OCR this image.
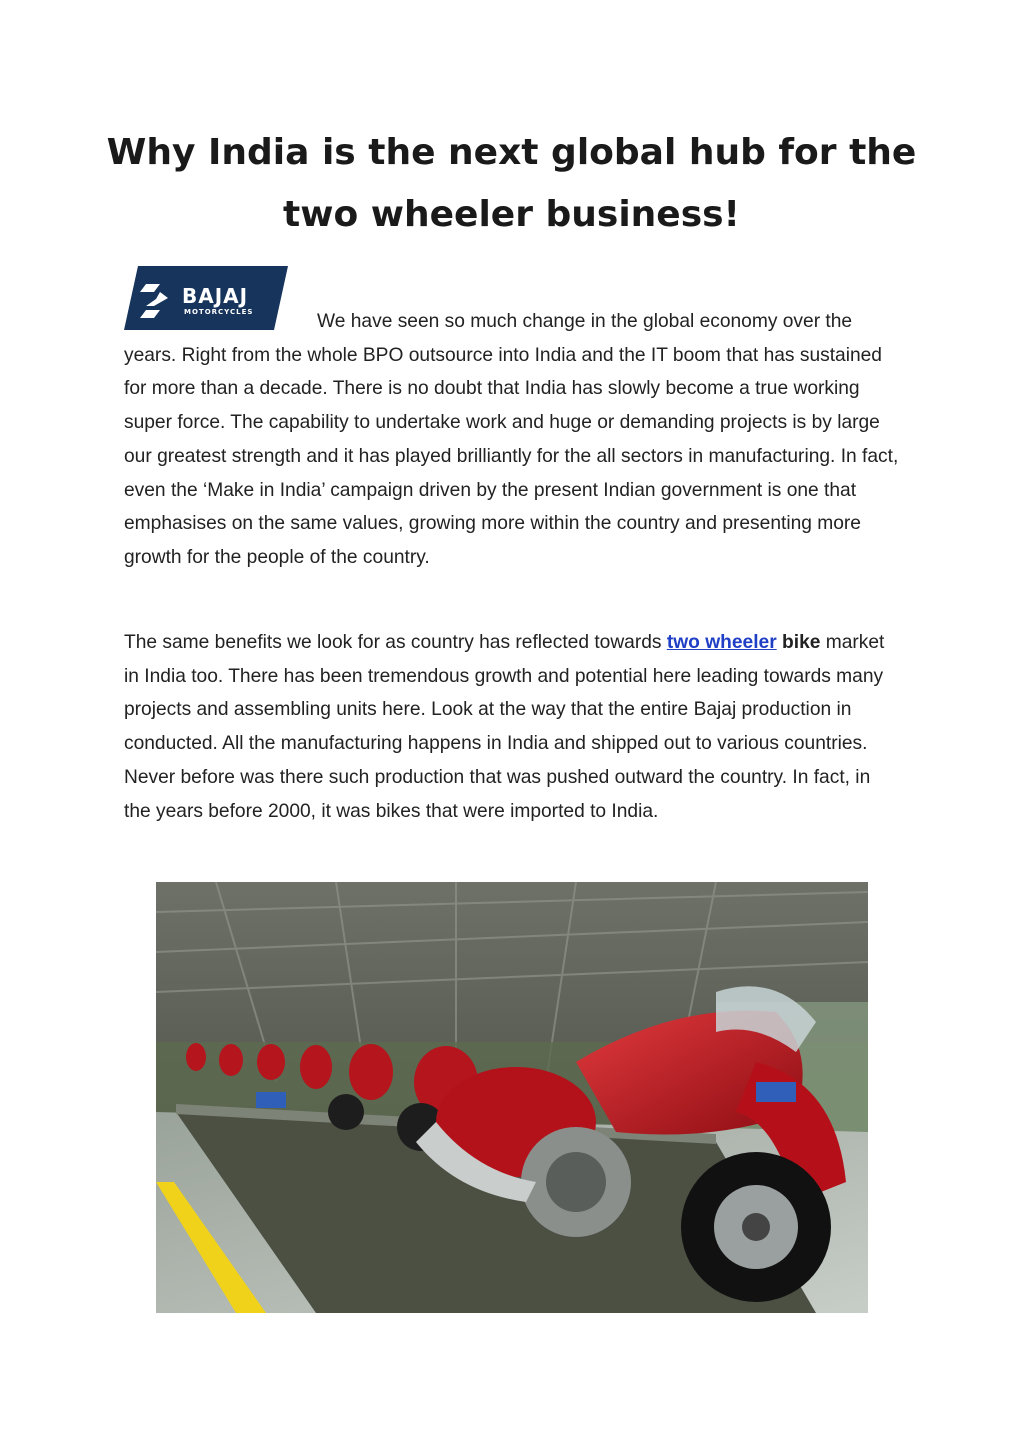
Why India is the next global hub for the two wheeler business!
BAJAJ
MOTORCYCLES	We have seen so much change in the global economy over the years. Right from the whole BPO outsource into India and the IT boom that has sustained for more than a decade. There is no doubt that India has slowly become a true working super force. The capability to undertake work and huge or demanding projects is by large our greatest strength and it has played brilliantly for the all sectors in manufacturing. In fact, even the ‘Make in India’ campaign driven by the present Indian government is one that emphasises on the same values, growing more within the country and presenting more growth for the people of the country.

The same benefits we look for as country has reflected towards two wheeler bike market in India too. There has been tremendous growth and potential here leading towards many projects and assembling units here. Look at the way that the entire Bajaj production in conducted. All the manufacturing happens in India and shipped out to various countries. Never before was there such production that was pushed outward the country. In fact, in the years before 2000, it was bikes that were imported to India.
